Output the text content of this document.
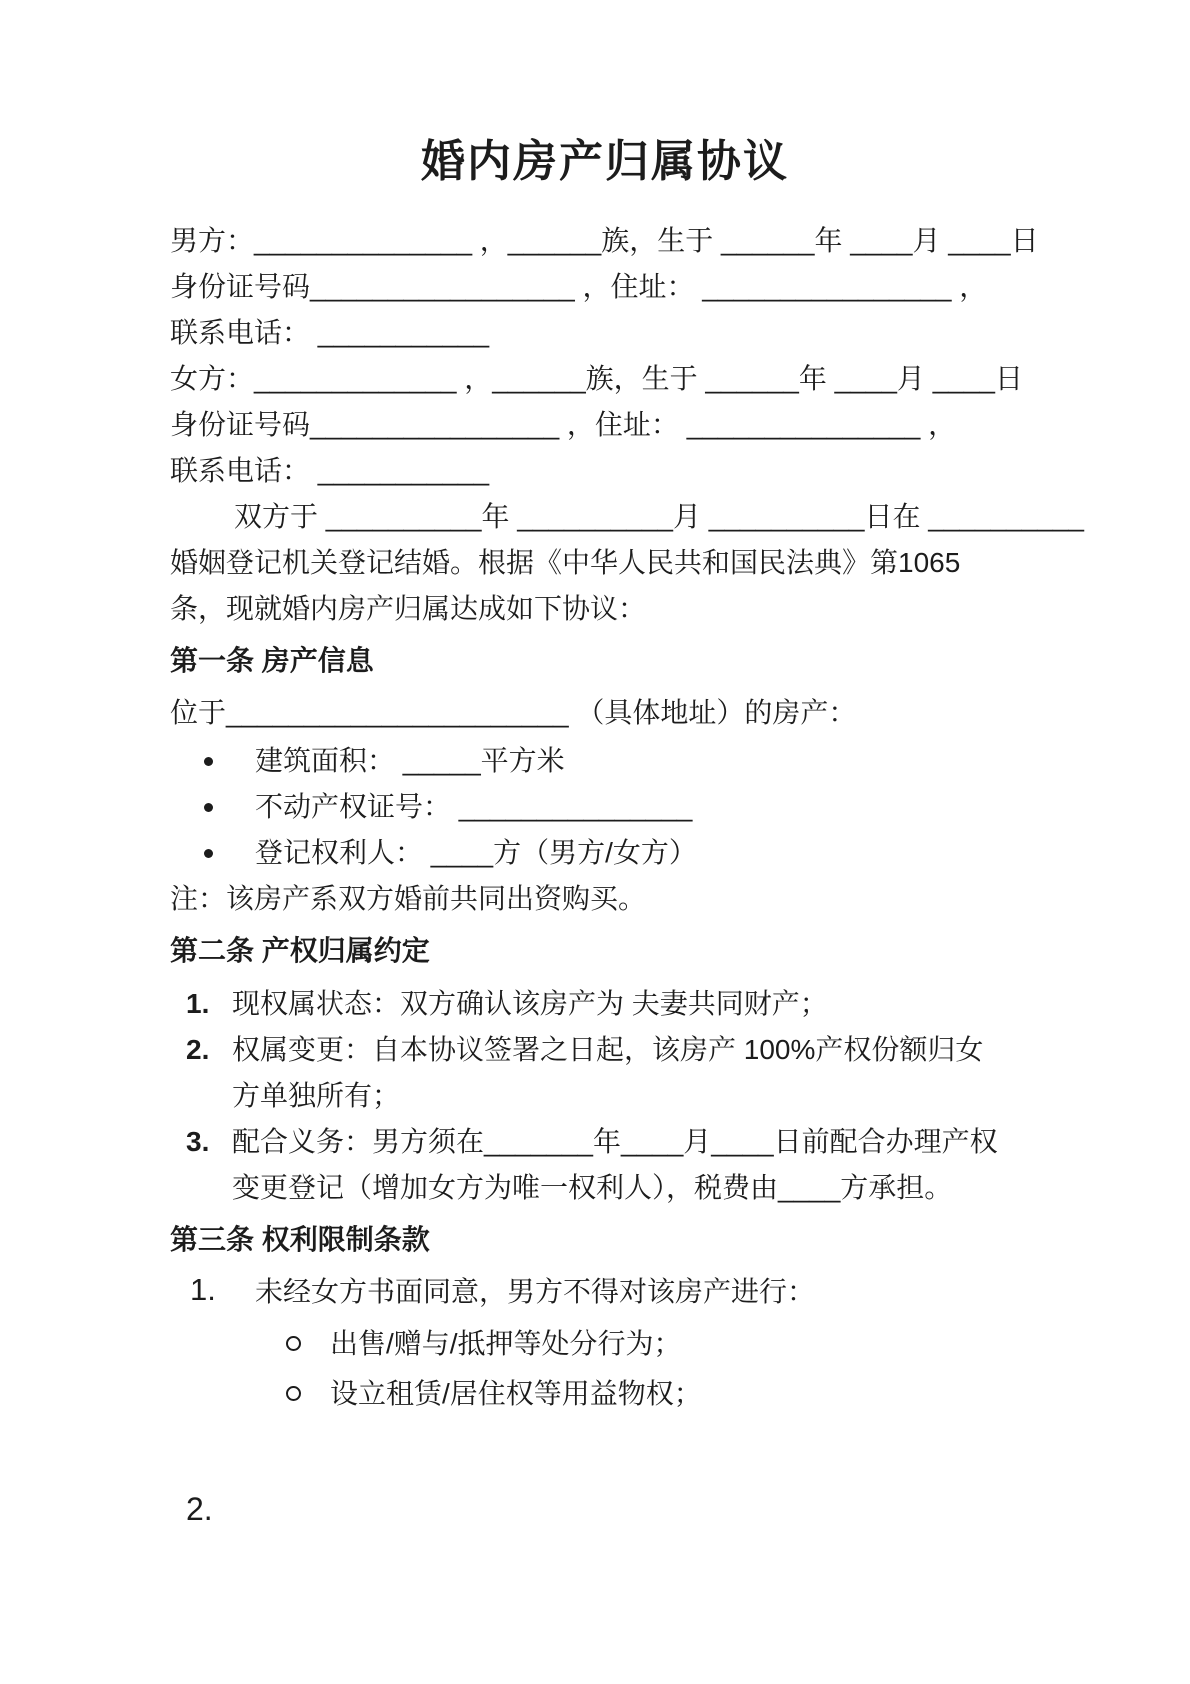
婚内房产归属协议

男方：______________ ，______族，生于 ______年 ____月 ____日

身份证号码_________________ ，住址： ________________ ，

联系电话： ___________

女方：_____________ ，______族，生于 ______年 ____月 ____日

身份证号码________________ ，住址： _______________ ，

联系电话： ___________

双方于 __________年 __________月 __________日在 __________

婚姻登记机关登记结婚。根据《中华人民共和国民法典》第1065

条，现就婚内房产归属达成如下协议：

第一条 房产信息

位于______________________ （具体地址）的房产：

建筑面积： _____平方米
不动产权证号： _______________
登记权利人： ____方（男方/女方）

注：该房产系双方婚前共同出资购买。

第二条 产权归属约定
1. 现权属状态：双方确认该房产为 夫妻共同财产；
2. 权属变更：自本协议签署之日起，该房产 100%产权份额归女
方单独所有；
3. 配合义务：男方须在_______年____月____日前配合办理产权
变更登记（增加女方为唯一权利人），税费由____方承担。
第三条 权利限制条款
1. 未经女方书面同意，男方不得对该房产进行：
出售/赠与/抵押等处分行为；
设立租赁/居住权等用益物权；
2.
